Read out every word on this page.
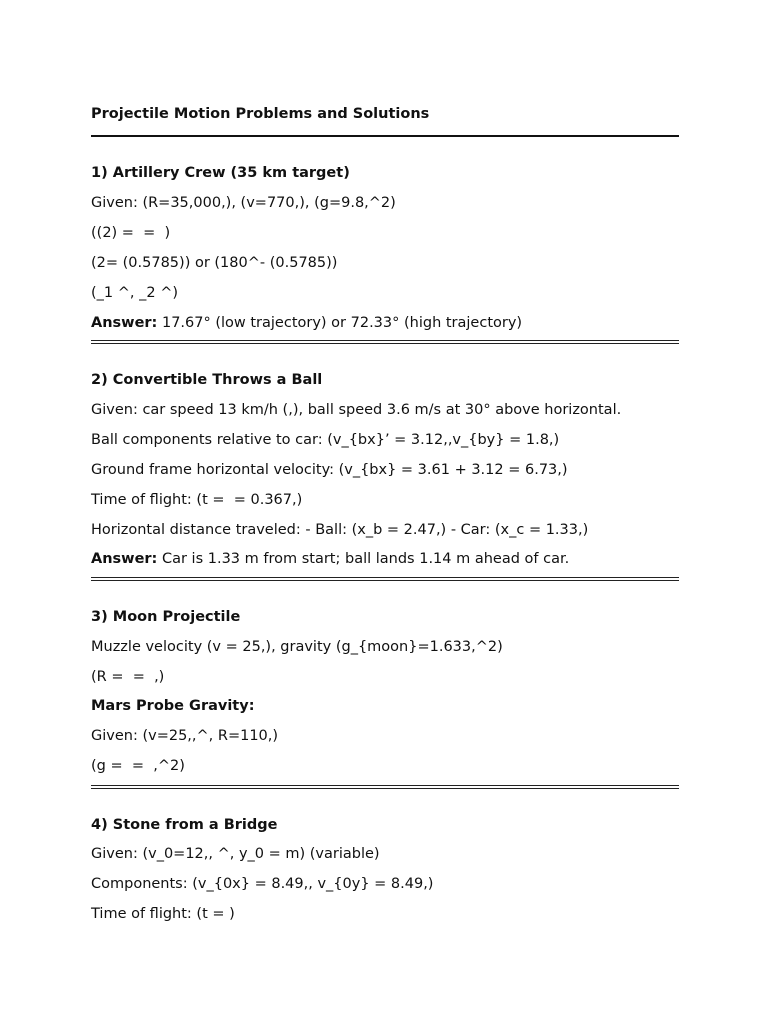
Projectile Motion Problems and Solutions

1) Artillery Crew (35 km target)

Given: (R=35,000,), (v=770,), (g=9.8,^2)

((2) =  =  )

(2= (0.5785)) or (180^- (0.5785))

(_1 ^, _2 ^)

Answer: 17.67° (low trajectory) or 72.33° (high trajectory)

2) Convertible Throws a Ball

Given: car speed 13 km/h (,), ball speed 3.6 m/s at 30° above horizontal.

Ball components relative to car: (v_{bx}’ = 3.12,,v_{by} = 1.8,)

Ground frame horizontal velocity: (v_{bx} = 3.61 + 3.12 = 6.73,)

Time of flight: (t =  = 0.367,)

Horizontal distance traveled: - Ball: (x_b = 2.47,) - Car: (x_c = 1.33,)

Answer: Car is 1.33 m from start; ball lands 1.14 m ahead of car.

3) Moon Projectile

Muzzle velocity (v = 25,), gravity (g_{moon}=1.633,^2)

(R =  =  ,)

Mars Probe Gravity:

Given: (v=25,,^, R=110,)

(g =  =  ,^2)

4) Stone from a Bridge

Given: (v_0=12,, ^, y_0 = m) (variable)

Components: (v_{0x} = 8.49,, v_{0y} = 8.49,)

Time of flight: (t = )
